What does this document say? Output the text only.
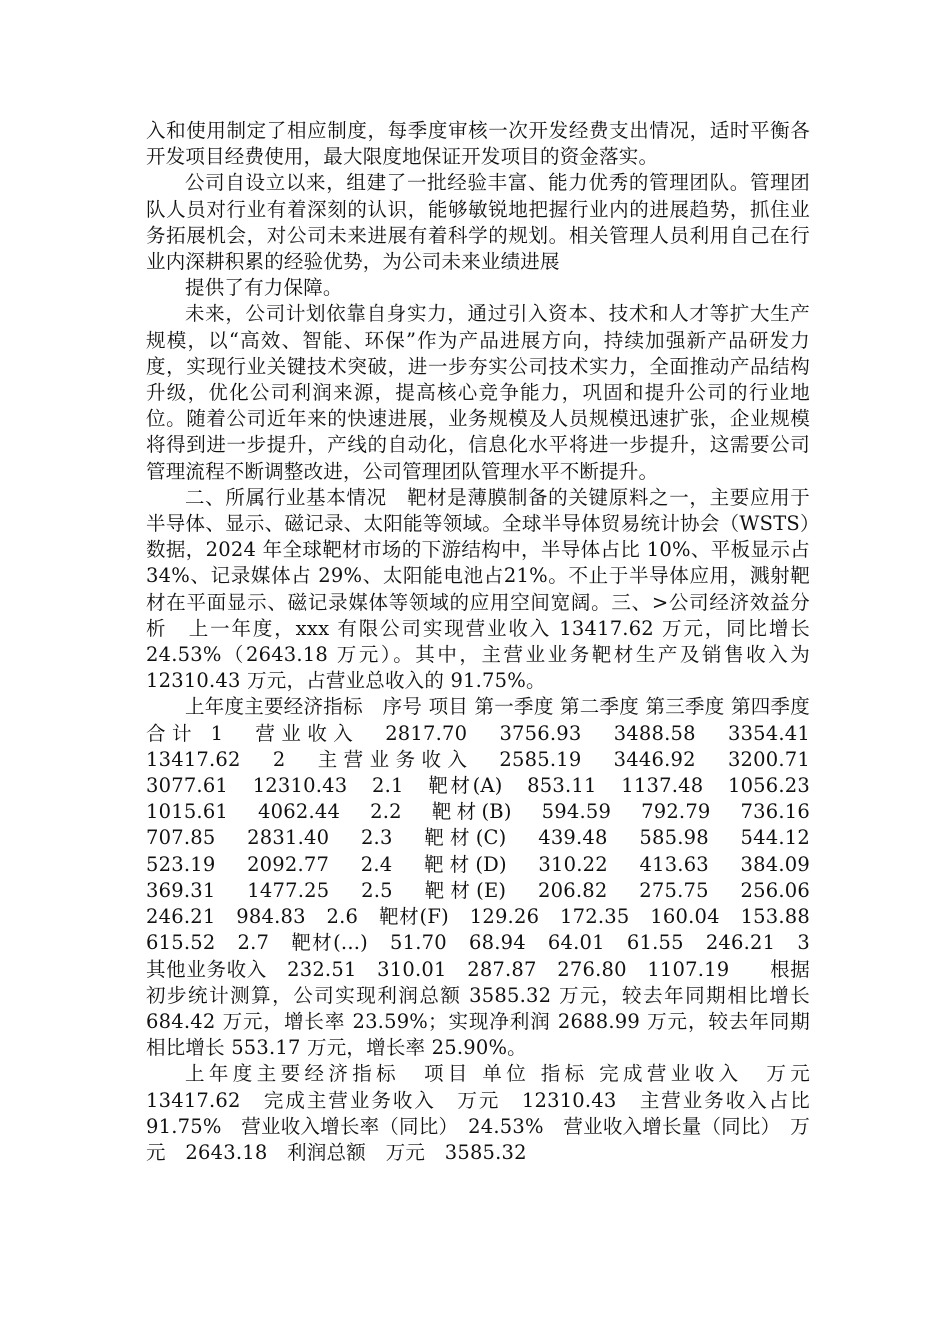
入和使用制定了相应制度，每季度审核一次开发经费支出情况，适时平衡各开发项目经费使用，最大限度地保证开发项目的资金落实。

公司自设立以来，组建了一批经验丰富、能力优秀的管理团队。管理团队人员对行业有着深刻的认识，能够敏锐地把握行业内的进展趋势，抓住业务拓展机会，对公司未来进展有着科学的规划。相关管理人员利用自己在行业内深耕积累的经验优势，为公司未来业绩进展

提供了有力保障。

未来，公司计划依靠自身实力，通过引入资本、技术和人才等扩大生产规模，以“高效、智能、环保”作为产品进展方向，持续加强新产品研发力度，实现行业关键技术突破，进一步夯实公司技术实力，全面推动产品结构升级，优化公司利润来源，提高核心竞争能力，巩固和提升公司的行业地位。随着公司近年来的快速进展，业务规模及人员规模迅速扩张，企业规模将得到进一步提升，产线的自动化，信息化水平将进一步提升，这需要公司管理流程不断调整改进，公司管理团队管理水平不断提升。

二、所属行业基本情况　靶材是薄膜制备的关键原料之一，主要应用于半导体、显示、磁记录、太阳能等领域。全球半导体贸易统计协会（WSTS）数据，2024 年全球靶材市场的下游结构中，半导体占比 10%、平板显示占 34%、记录媒体占 29%、太阳能电池占21%。不止于半导体应用，溅射靶材在平面显示、磁记录媒体等领域的应用空间宽阔。三、>公司经济效益分析　上一年度，xxx 有限公司实现营业收入 13417.62 万元，同比增长 24.53%（2643.18 万元）。其中，主营业业务靶材生产及销售收入为 12310.43 万元，占营业总收入的 91.75%。

上年度主要经济指标　序号 项目 第一季度 第二季度 第三季度 第四季度 合计 1　营业收入　2817.70　3756.93　3488.58　3354.41　13417.62　2　主营业务收入　2585.19　3446.92　3200.71　3077.61　12310.43　2.1　靶材(A)　853.11　1137.48　1056.23　1015.61　4062.44　2.2　靶材(B)　594.59　792.79　736.16　707.85　2831.40　2.3　靶材(C)　439.48　585.98　544.12　523.19　2092.77　2.4　靶材(D)　310.22　413.63　384.09　369.31　1477.25　2.5　靶材(E)　206.82　275.75　256.06　246.21　984.83　2.6　靶材(F)　129.26　172.35　160.04　153.88　615.52　2.7　靶材(...)　51.70　68.94　64.01　61.55　246.21　3　其他业务收入　232.51　310.01　287.87　276.80　1107.19　　根据初步统计测算，公司实现利润总额 3585.32 万元，较去年同期相比增长 684.42 万元，增长率 23.59%；实现净利润 2688.99 万元，较去年同期相比增长 553.17 万元，增长率 25.90%。

上年度主要经济指标　项目 单位 指标 完成营业收入　万元　13417.62　完成主营业务收入　万元　12310.43　主营业务收入占比　91.75%　营业收入增长率（同比）　24.53%　营业收入增长量（同比）　万元　2643.18　利润总额　万元　3585.32
